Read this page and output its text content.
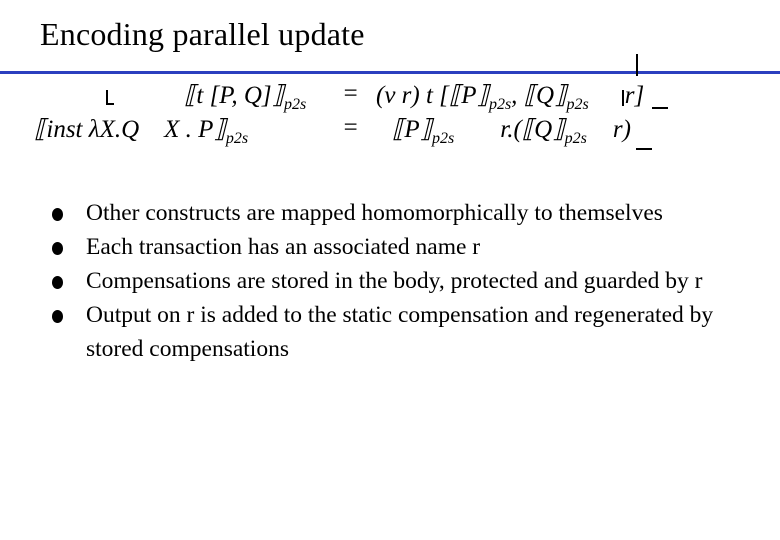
Encoding parallel update
⟦t [P, $Q]⟧_{p2s} = (\nu$ r) t [$⟦P⟧_{p2s}$, $⟦Q⟧_{p2s}$ r]
⟦inst λX.Q    X . $P⟧_{p2s}$	= $⟦P⟧_{p2s}$ $r.(⟦Q⟧_{p2s}$ r)
Other constructs are mapped homomorphically to themselves
Each transaction has an associated name r
Compensations are stored in the body, protected and guarded by r
Output on r is added to the static compensation and regenerated by stored compensations
